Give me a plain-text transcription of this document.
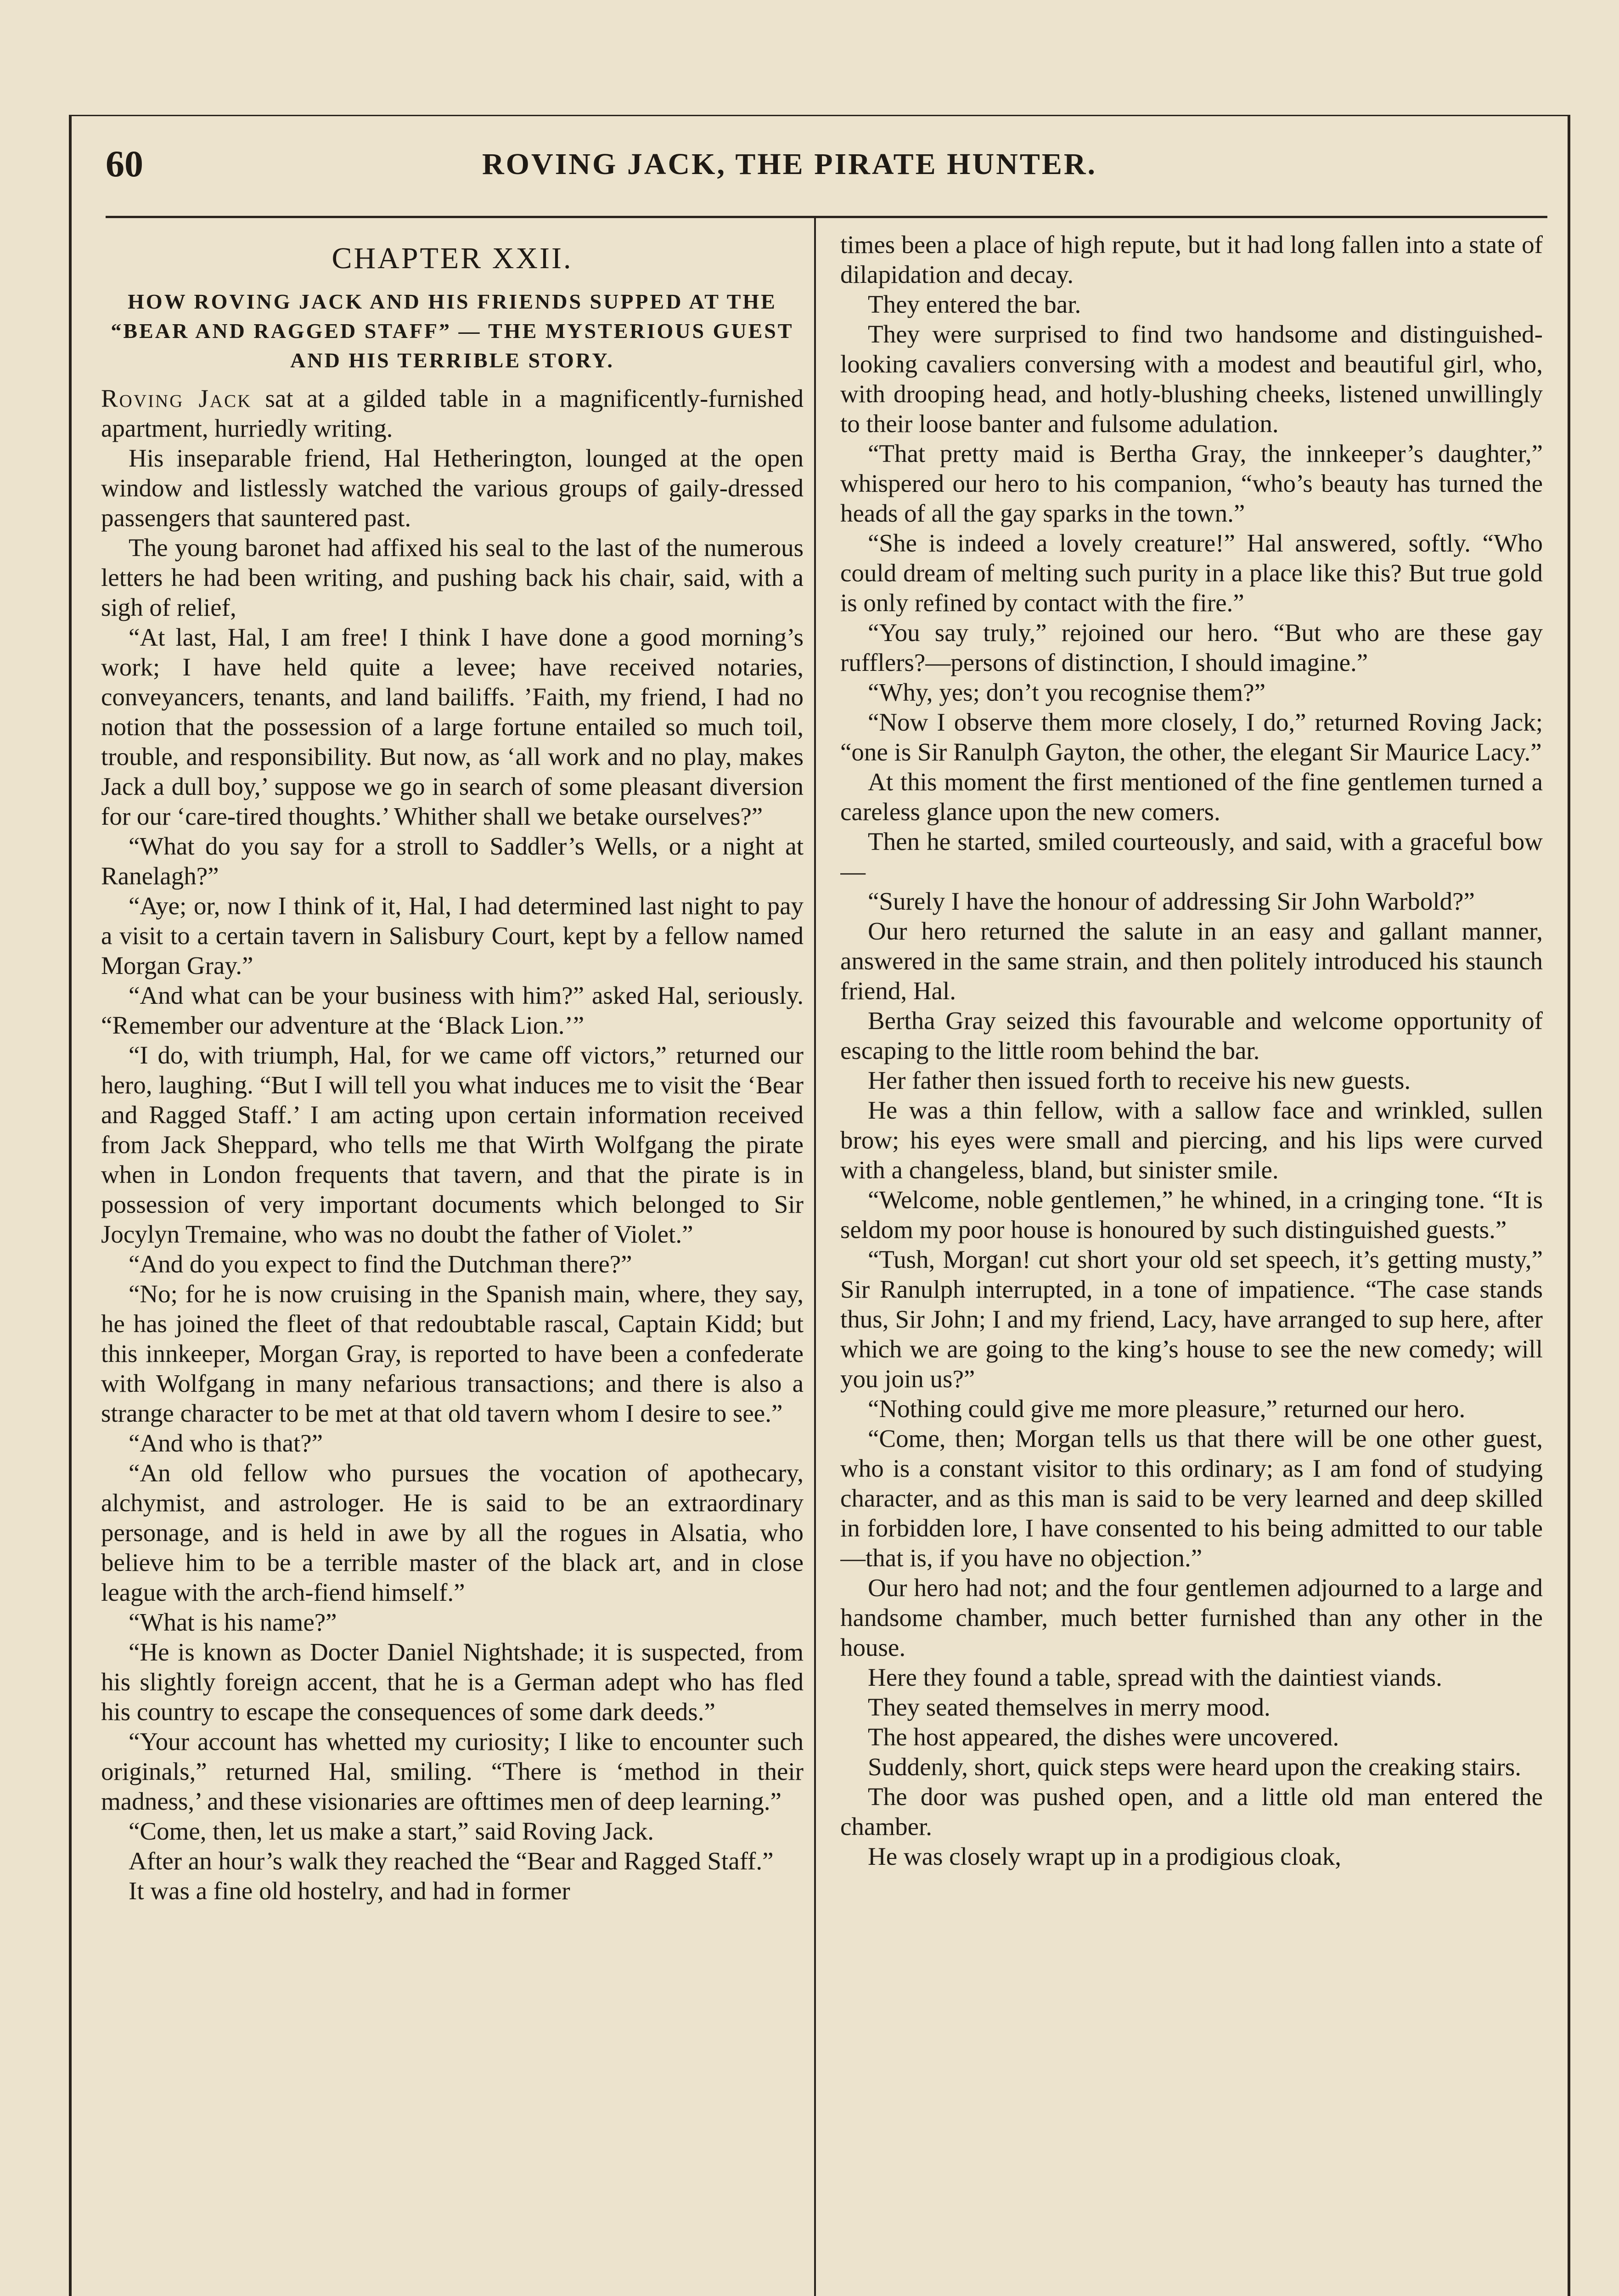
60	ROVING JACK, THE PIRATE HUNTER.
CHAPTER XXII.
HOW ROVING JACK AND HIS FRIENDS SUPPED AT THE “BEAR AND RAGGED STAFF” — THE MYSTERIOUS GUEST AND HIS TERRIBLE STORY.

Roving Jack sat at a gilded table in a magnificently-furnished apartment, hurriedly writing.

His inseparable friend, Hal Hetherington, lounged at the open window and listlessly watched the various groups of gaily-dressed passengers that sauntered past.

The young baronet had affixed his seal to the last of the numerous letters he had been writing, and pushing back his chair, said, with a sigh of relief,

“At last, Hal, I am free! I think I have done a good morning’s work; I have held quite a levee; have received notaries, conveyancers, tenants, and land bailiffs. ’Faith, my friend, I had no notion that the possession of a large fortune entailed so much toil, trouble, and responsibility. But now, as ‘all work and no play, makes Jack a dull boy,’ suppose we go in search of some pleasant diversion for our ‘care-tired thoughts.’ Whither shall we betake ourselves?”

“What do you say for a stroll to Saddler’s Wells, or a night at Ranelagh?”

“Aye; or, now I think of it, Hal, I had determined last night to pay a visit to a certain tavern in Salisbury Court, kept by a fellow named Morgan Gray.”

“And what can be your business with him?” asked Hal, seriously. “Remember our adventure at the ‘Black Lion.’”

“I do, with triumph, Hal, for we came off victors,” returned our hero, laughing. “But I will tell you what induces me to visit the ‘Bear and Ragged Staff.’ I am acting upon certain information received from Jack Sheppard, who tells me that Wirth Wolfgang the pirate when in London frequents that tavern, and that the pirate is in possession of very important documents which belonged to Sir Jocylyn Tremaine, who was no doubt the father of Violet.”

“And do you expect to find the Dutchman there?”

“No; for he is now cruising in the Spanish main, where, they say, he has joined the fleet of that redoubtable rascal, Captain Kidd; but this innkeeper, Morgan Gray, is reported to have been a confederate with Wolfgang in many nefarious transactions; and there is also a strange character to be met at that old tavern whom I desire to see.”

“And who is that?”

“An old fellow who pursues the vocation of apothecary, alchymist, and astrologer. He is said to be an extraordinary personage, and is held in awe by all the rogues in Alsatia, who believe him to be a terrible master of the black art, and in close league with the arch-fiend himself.”

“What is his name?”

“He is known as Docter Daniel Nightshade; it is suspected, from his slightly foreign accent, that he is a German adept who has fled his country to escape the consequences of some dark deeds.”

“Your account has whetted my curiosity; I like to encounter such originals,” returned Hal, smiling. “There is ‘method in their madness,’ and these visionaries are ofttimes men of deep learning.”

“Come, then, let us make a start,” said Roving Jack.

After an hour’s walk they reached the “Bear and Ragged Staff.”

It was a fine old hostelry, and had in former

times been a place of high repute, but it had long fallen into a state of dilapidation and decay.

They entered the bar.

They were surprised to find two handsome and distinguished-looking cavaliers conversing with a modest and beautiful girl, who, with drooping head, and hotly-blushing cheeks, listened unwillingly to their loose banter and fulsome adulation.

“That pretty maid is Bertha Gray, the innkeeper’s daughter,” whispered our hero to his companion, “who’s beauty has turned the heads of all the gay sparks in the town.”

“She is indeed a lovely creature!” Hal answered, softly. “Who could dream of melting such purity in a place like this? But true gold is only refined by contact with the fire.”

“You say truly,” rejoined our hero. “But who are these gay rufflers?—persons of distinction, I should imagine.”

“Why, yes; don’t you recognise them?”

“Now I observe them more closely, I do,” returned Roving Jack; “one is Sir Ranulph Gayton, the other, the elegant Sir Maurice Lacy.”

At this moment the first mentioned of the fine gentlemen turned a careless glance upon the new comers.

Then he started, smiled courteously, and said, with a graceful bow—

“Surely I have the honour of addressing Sir John Warbold?”

Our hero returned the salute in an easy and gallant manner, answered in the same strain, and then politely introduced his staunch friend, Hal.

Bertha Gray seized this favourable and welcome opportunity of escaping to the little room behind the bar.

Her father then issued forth to receive his new guests.

He was a thin fellow, with a sallow face and wrinkled, sullen brow; his eyes were small and piercing, and his lips were curved with a changeless, bland, but sinister smile.

“Welcome, noble gentlemen,” he whined, in a cringing tone. “It is seldom my poor house is honoured by such distinguished guests.”

“Tush, Morgan! cut short your old set speech, it’s getting musty,” Sir Ranulph interrupted, in a tone of impatience. “The case stands thus, Sir John; I and my friend, Lacy, have arranged to sup here, after which we are going to the king’s house to see the new comedy; will you join us?”

“Nothing could give me more pleasure,” returned our hero.

“Come, then; Morgan tells us that there will be one other guest, who is a constant visitor to this ordinary; as I am fond of studying character, and as this man is said to be very learned and deep skilled in forbidden lore, I have consented to his being admitted to our table—that is, if you have no objection.”

Our hero had not; and the four gentlemen adjourned to a large and handsome chamber, much better furnished than any other in the house.

Here they found a table, spread with the daintiest viands.

They seated themselves in merry mood.

The host appeared, the dishes were uncovered.

Suddenly, short, quick steps were heard upon the creaking stairs.

The door was pushed open, and a little old man entered the chamber.

He was closely wrapt up in a prodigious cloak,
